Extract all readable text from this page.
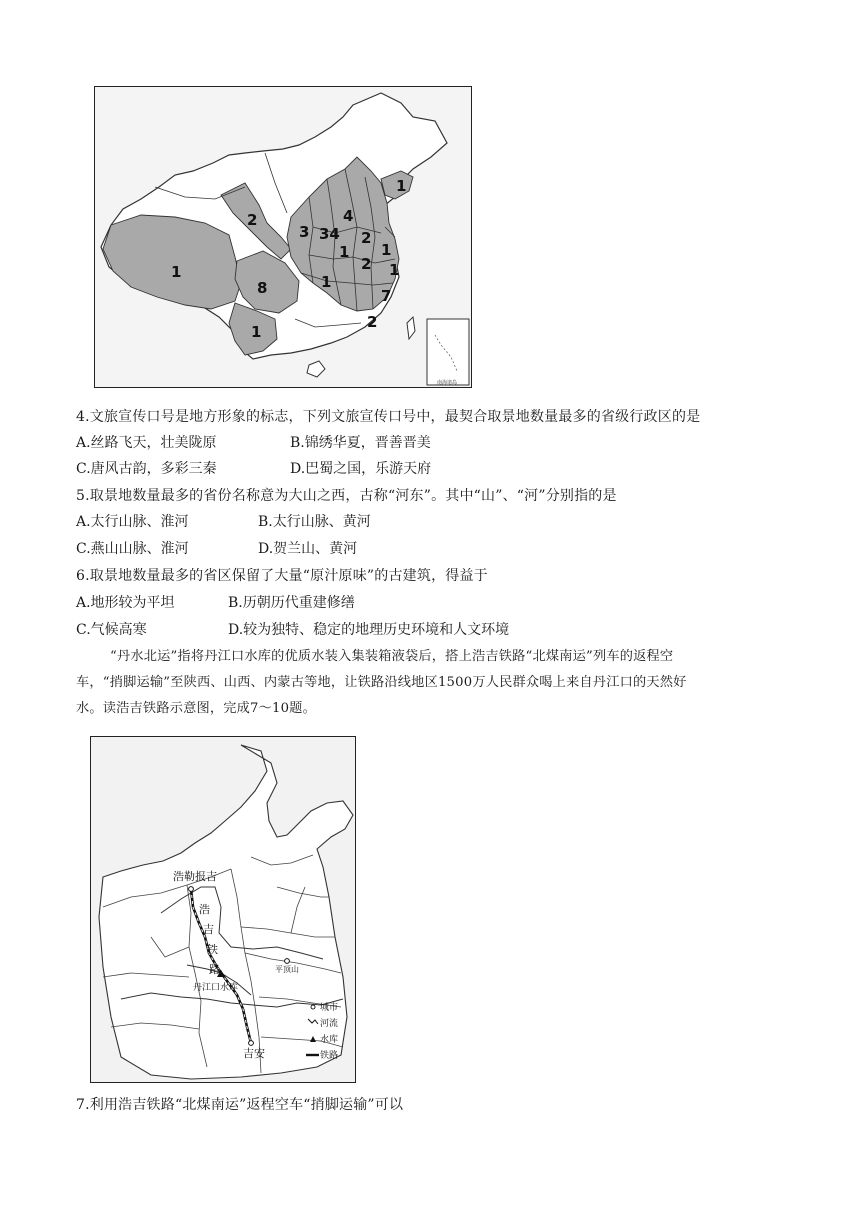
1
2
34
3
1
4
2
1
2
1
8
1
7
2
1
1
南海诸岛
4.文旅宣传口号是地方形象的标志，下列文旅宣传口号中，最契合取景地数量最多的省级行政区的是
A.丝路飞天，壮美陇原	B.锦绣华夏，晋善晋美
C.唐风古韵，多彩三秦	D.巴蜀之国，乐游天府
5.取景地数量最多的省份名称意为大山之西，古称“河东”。其中“山”、“河”分别指的是
A.太行山脉、淮河	B.太行山脉、黄河
C.燕山山脉、淮河	D.贺兰山、黄河
6.取景地数量最多的省区保留了大量“原汁原味”的古建筑，得益于
A.地形较为平坦	B.历朝历代重建修缮
C.气候高寒	D.较为独特、稳定的地理历史环境和人文环境
“丹水北运”指将丹江口水库的优质水装入集装箱液袋后，搭上浩吉铁路“北煤南运”列车的返程空
车，“捎脚运输”至陕西、山西、内蒙古等地，让铁路沿线地区1500万人民群众喝上来自丹江口的天然好
水。读浩吉铁路示意图，完成7～10题。
浩勒报吉
平顶山
丹江口水库
吉安
浩
吉
铁
路
城市
河流
水库
铁路
7.利用浩吉铁路“北煤南运”返程空车“捎脚运输”可以
